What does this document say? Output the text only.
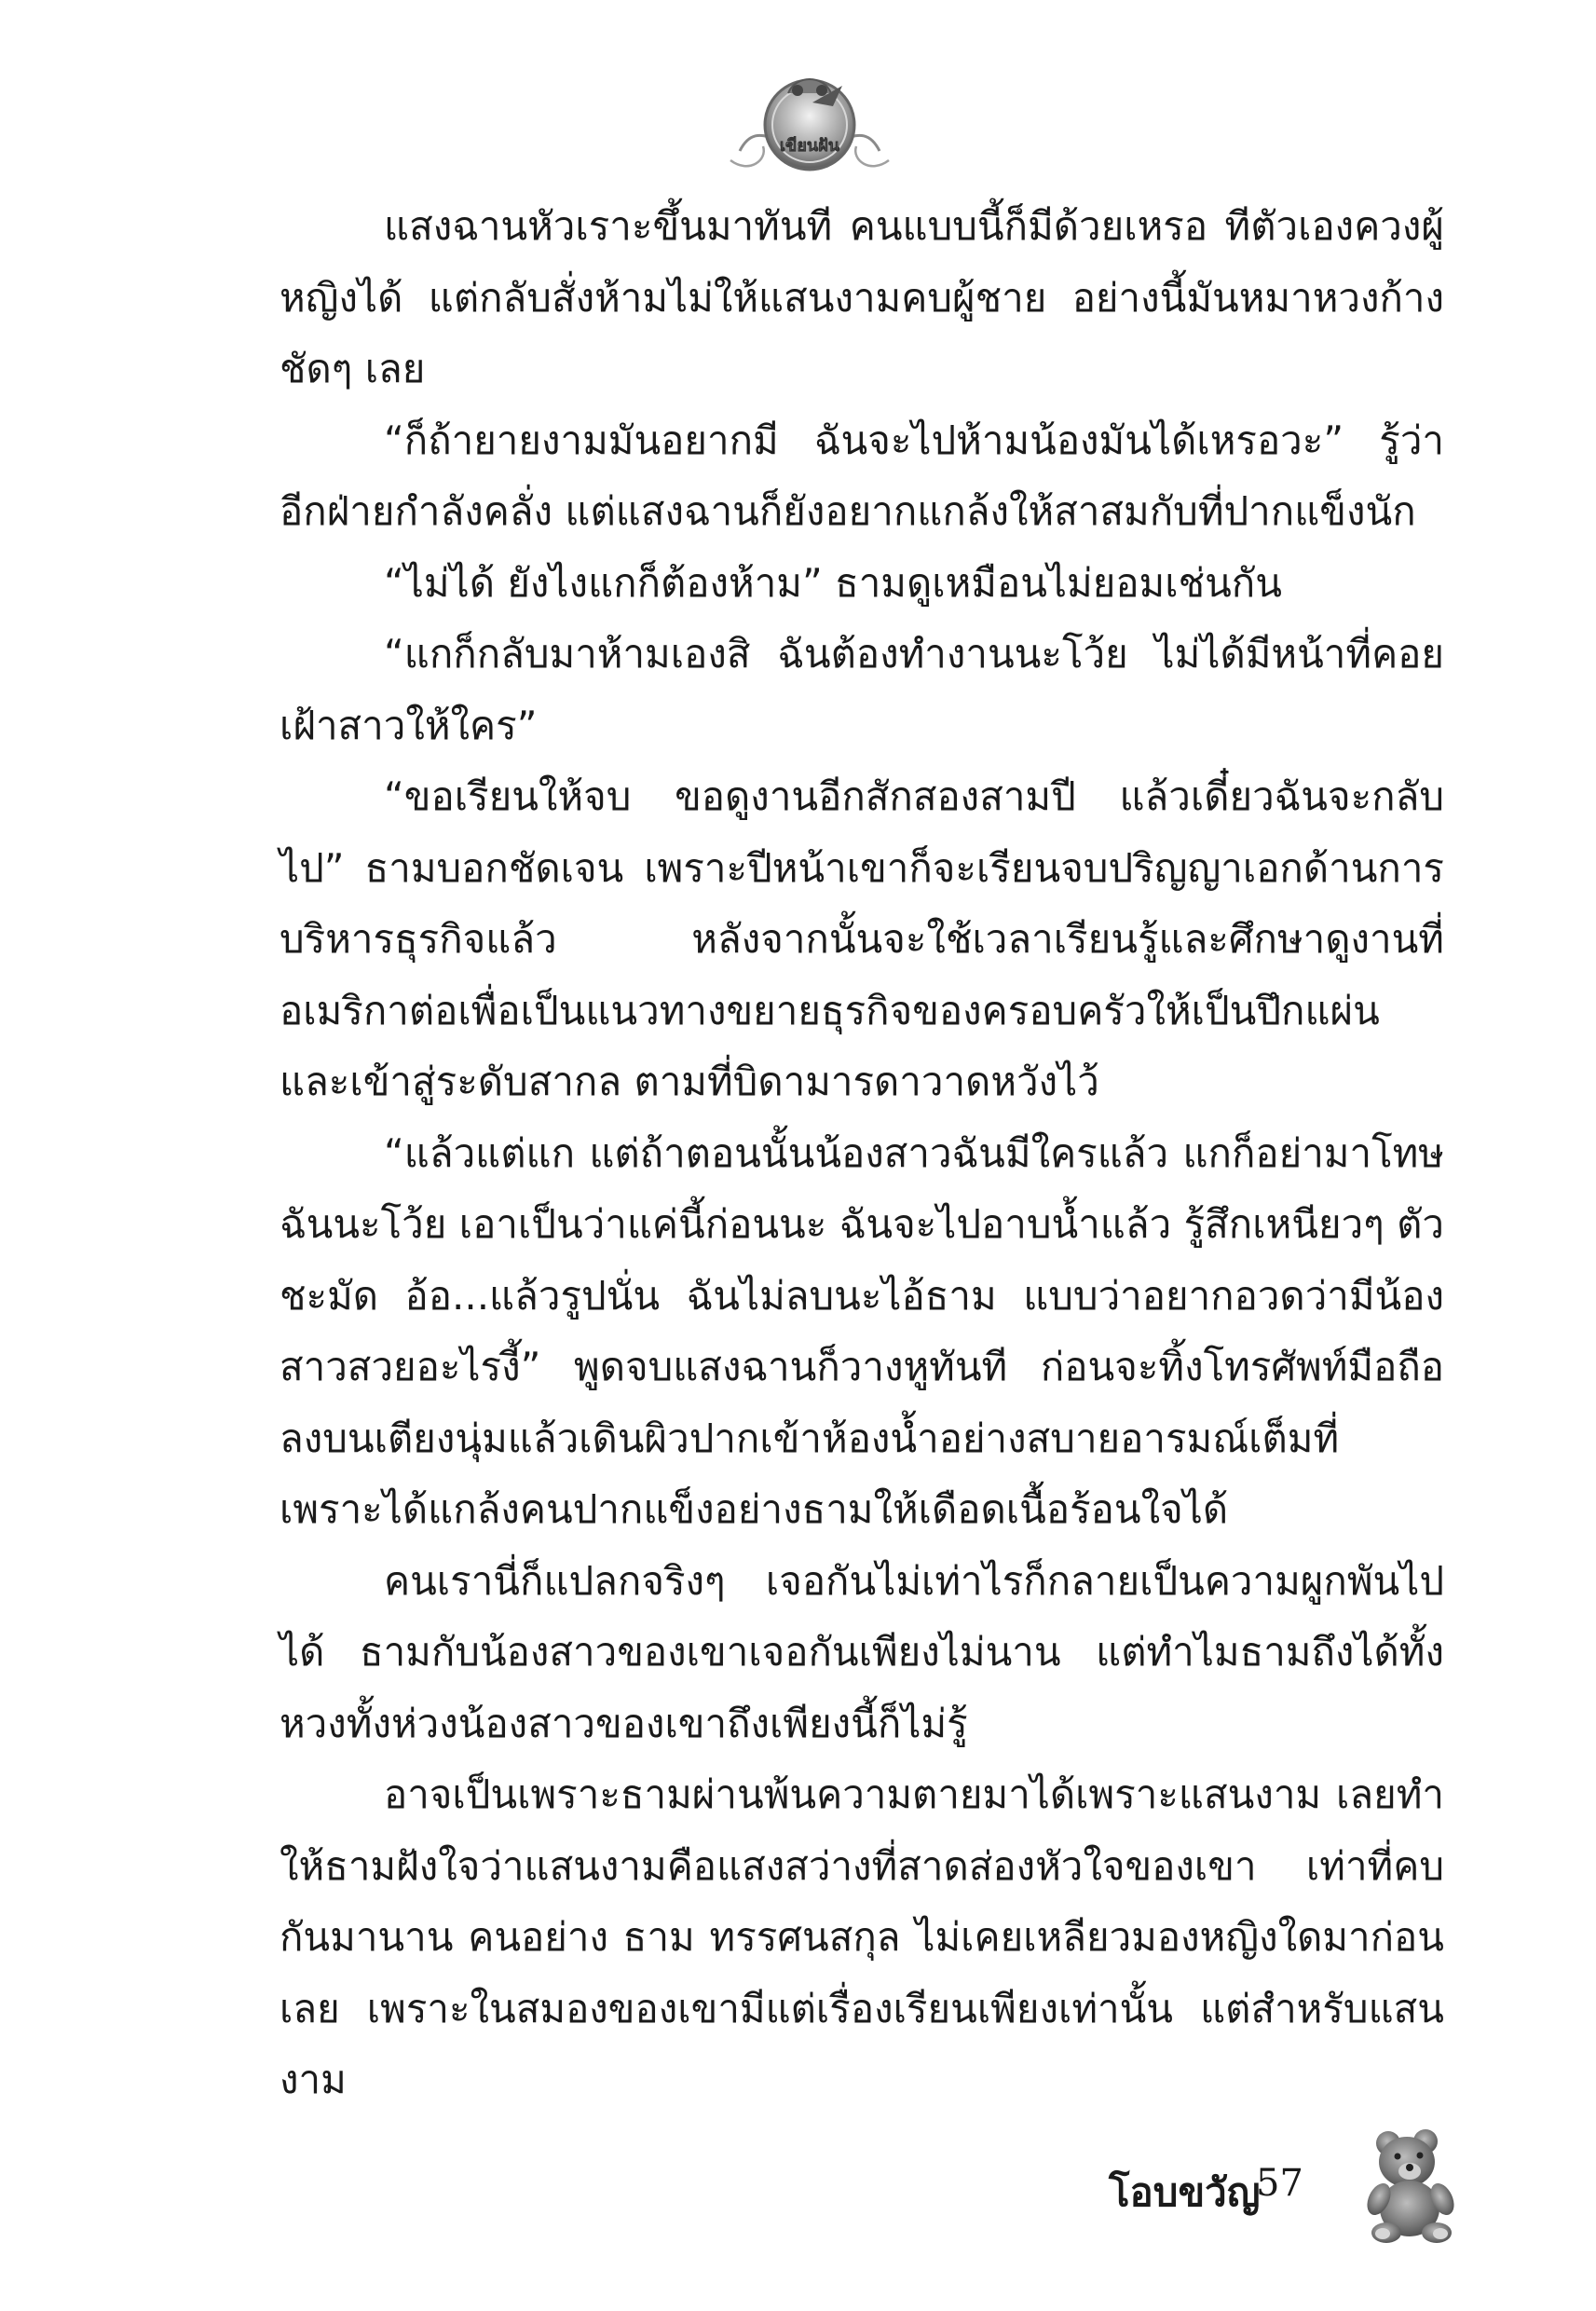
เขียนฝัน

แสงฉานหัวเราะขึ้นมาทันที คนแบบนี้ก็มีด้วยเหรอ ทีตัวเองควงผู้หญิงได้ แต่กลับสั่งห้ามไม่ให้แสนงามคบผู้ชาย อย่างนี้มันหมาหวงก้างชัดๆ เลย

“ก็ถ้ายายงามมันอยากมี ฉันจะไปห้ามน้องมันได้เหรอวะ” รู้ว่าอีกฝ่ายกำลังคลั่ง แต่แสงฉานก็ยังอยากแกล้งให้สาสมกับที่ปากแข็งนัก

“ไม่ได้ ยังไงแกก็ต้องห้าม” ธามดูเหมือนไม่ยอมเช่นกัน

“แกก็กลับมาห้ามเองสิ ฉันต้องทำงานนะโว้ย ไม่ได้มีหน้าที่คอยเฝ้าสาวให้ใคร”

“ขอเรียนให้จบ ขอดูงานอีกสักสองสามปี แล้วเดี๋ยวฉันจะกลับไป” ธามบอกชัดเจน เพราะปีหน้าเขาก็จะเรียนจบปริญญาเอกด้านการบริหารธุรกิจแล้ว หลังจากนั้นจะใช้เวลาเรียนรู้และศึกษาดูงานที่อเมริกาต่อเพื่อเป็นแนวทางขยายธุรกิจของครอบครัวให้เป็นปึกแผ่นและเข้าสู่ระดับสากล ตามที่บิดามารดาวาดหวังไว้

“แล้วแต่แก แต่ถ้าตอนนั้นน้องสาวฉันมีใครแล้ว แกก็อย่ามาโทษฉันนะโว้ย เอาเป็นว่าแค่นี้ก่อนนะ ฉันจะไปอาบน้ำแล้ว รู้สึกเหนียวๆ ตัวชะมัด อ้อ...แล้วรูปนั่น ฉันไม่ลบนะไอ้ธาม แบบว่าอยากอวดว่ามีน้องสาวสวยอะไรงี้” พูดจบแสงฉานก็วางหูทันที ก่อนจะทิ้งโทรศัพท์มือถือลงบนเตียงนุ่มแล้วเดินผิวปากเข้าห้องน้ำอย่างสบายอารมณ์เต็มที่ เพราะได้แกล้งคนปากแข็งอย่างธามให้เดือดเนื้อร้อนใจได้

คนเรานี่ก็แปลกจริงๆ เจอกันไม่เท่าไรก็กลายเป็นความผูกพันไปได้ ธามกับน้องสาวของเขาเจอกันเพียงไม่นาน แต่ทำไมธามถึงได้ทั้งหวงทั้งห่วงน้องสาวของเขาถึงเพียงนี้ก็ไม่รู้

อาจเป็นเพราะธามผ่านพ้นความตายมาได้เพราะแสนงาม เลยทำให้ธามฝังใจว่าแสนงามคือแสงสว่างที่สาดส่องหัวใจของเขา เท่าที่คบกันมานาน คนอย่าง ธาม ทรรศนสกุล ไม่เคยเหลียวมองหญิงใดมาก่อนเลย เพราะในสมองของเขามีแต่เรื่องเรียนเพียงเท่านั้น แต่สำหรับแสนงาม

โอบขวัญ
57
